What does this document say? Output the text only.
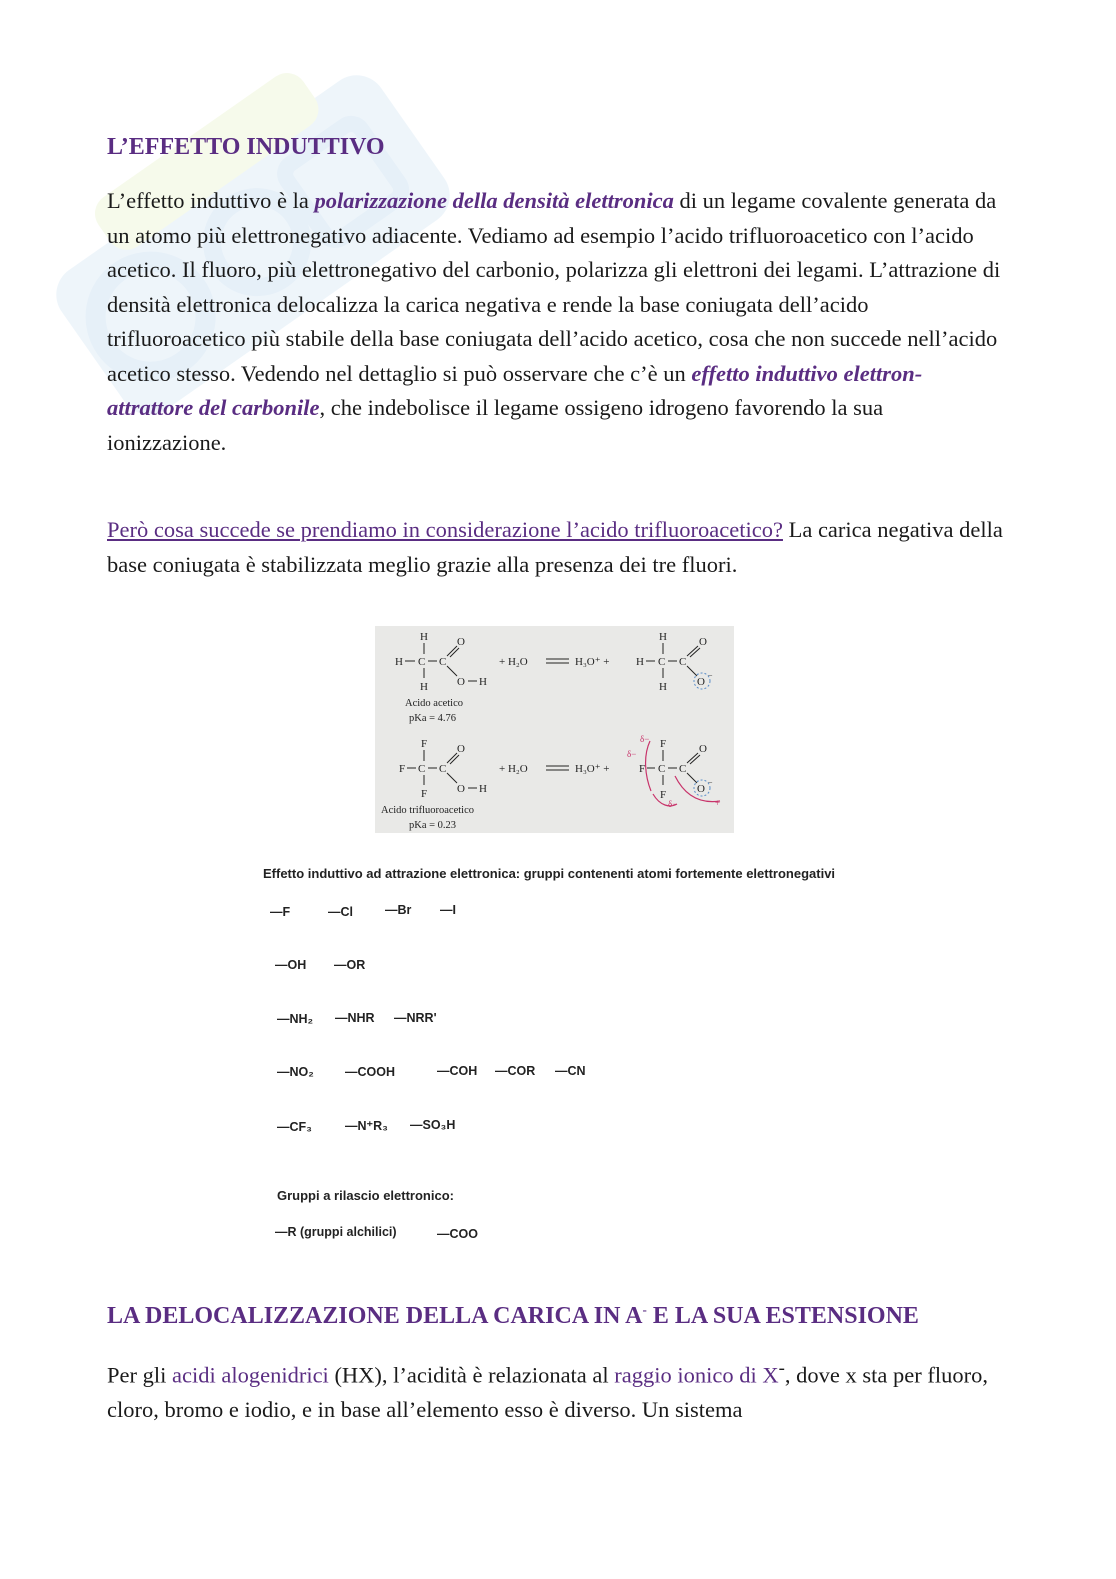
L’EFFETTO INDUTTIVO

L’effetto induttivo è la polarizzazione della densità elettronica di un legame covalente generata da un atomo più elettronegativo adiacente. Vediamo ad esempio l’acido trifluoroacetico con l’acido acetico. Il fluoro, più elettronegativo del carbonio, polarizza gli elettroni dei legami. L’attrazione di densità elettronica delocalizza la carica negativa e rende la base coniugata dell’acido trifluoroacetico più stabile della base coniugata dell’acido acetico, cosa che non succede nell’acido acetico stesso. Vedendo nel dettaglio si può osservare che c’è un effetto induttivo elettron-attrattore del carbonile, che indebolisce il legame ossigeno idrogeno favorendo la sua ionizzazione.

Però cosa succede se prendiamo in considerazione l’acido trifluoroacetico? La carica negativa della base coniugata è stabilizzata meglio grazie alla presenza dei tre fluori.

LA DELOCALIZZAZIONE DELLA CARICA IN A- E LA SUA ESTENSIONE

Per gli acidi alogenidrici (HX), l’acidità è relazionata al raggio ionico di X-, dove x sta per fluoro, cloro, bromo e iodio, e in base all’elemento esso è diverso. Un sistema

H
H C C
O
O H
H
Acido acetico
pKa = 4.76
+ H₂O	H₃O⁺ +
H
H C C
O
O
−
H
F
F C C
O
O H
F
Acido trifluoroacetico
pKa = 0.23
+ H₂O	H₃O⁺ +
F
F C C
O
O
−
F
δ−
δ−
δ−	+
Effetto induttivo ad attrazione elettronica: gruppi contenenti atomi fortemente elettronegativi
—F	—Cl	—Br —I
—OH —OR
—NH₂ —NHR —NRR'
—NO₂ —COOH	—COH —COR —CN
—CF₃	—N⁺R₃ —SO₃H
Gruppi a rilascio elettronico:
—R (gruppi alchilici)	—COO
